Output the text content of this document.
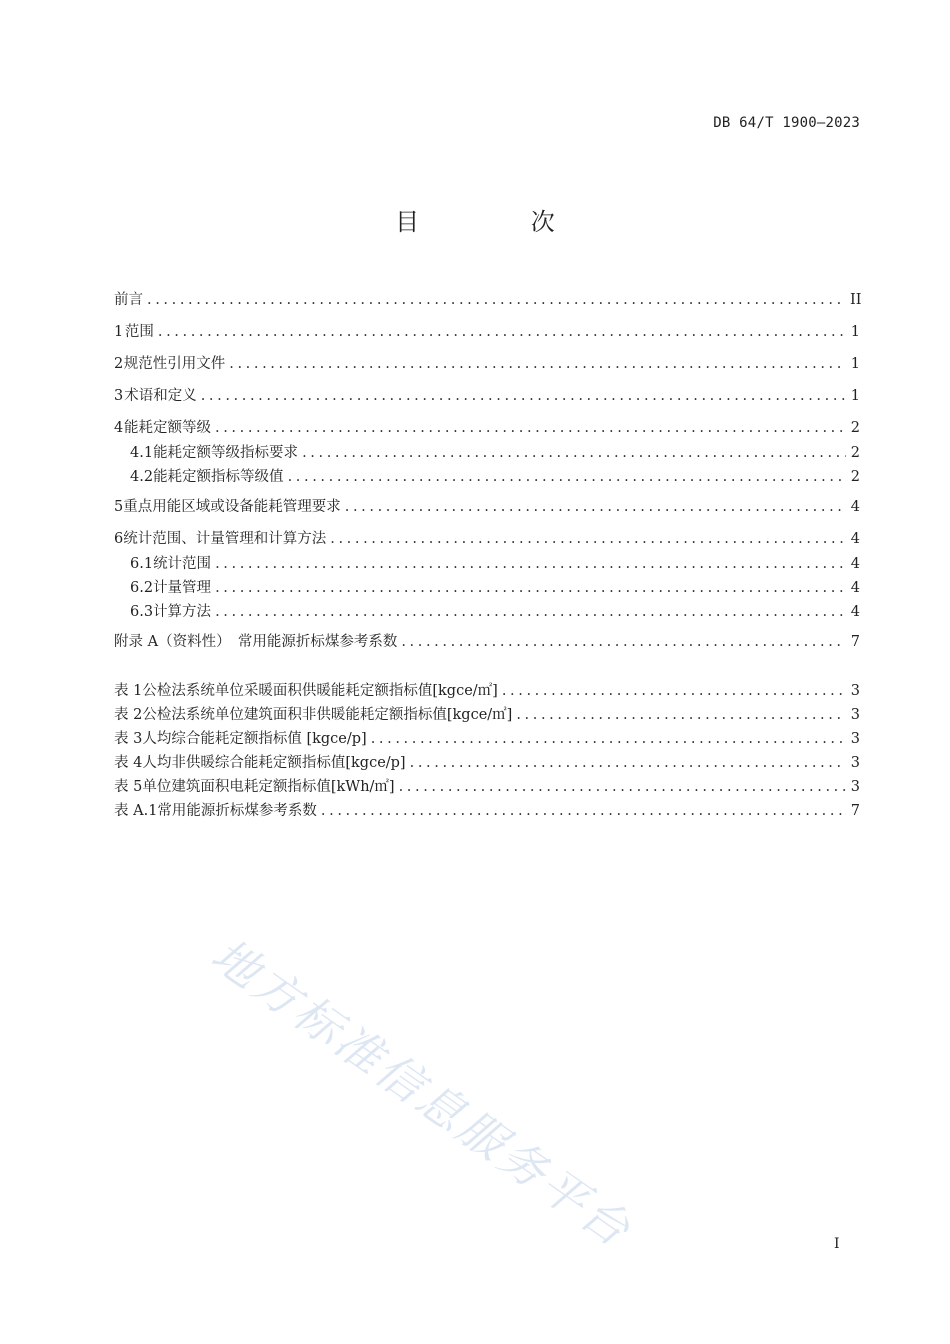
DB 64/T 1900—2023
目 次
前言 .....	II
1 范围 .....	1
2 规范性引用文件 .....	1
3 术语和定义 .....	1
4 能耗定额等级 .....	2
4.1 能耗定额等级指标要求 .....	2
4.2 能耗定额指标等级值 .....	2
5 重点用能区域或设备能耗管理要求 .....	4
6 统计范围、计量管理和计算方法 .....	4
6.1 统计范围 .....	4
6.2 计量管理 .....	4
6.3 计算方法 .....	4
附录 A（资料性）　常用能源折标煤参考系数 .....	7
表 1 公检法系统单位采暖面积供暖能耗定额指标值[kgce/㎡] .....	3
表 2 公检法系统单位建筑面积非供暖能耗定额指标值[kgce/㎡] .....	3
表 3 人均综合能耗定额指标值 [kgce/p] .....	3
表 4 人均非供暖综合能耗定额指标值[kgce/p] .....	3
表 5 单位建筑面积电耗定额指标值[kWh/㎡] .....	3
表 A.1 常用能源折标煤参考系数 .....	7
地方标准信息服务平台	I
